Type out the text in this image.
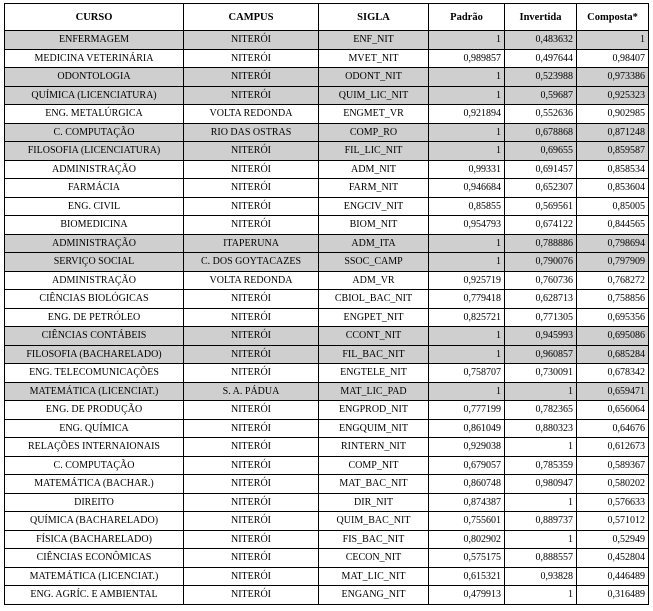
CURSO	CAMPUS	SIGLA	Padrão	Invertida	Composta*
ENFERMAGEM	NITERÓI	ENF_NIT	1	0,483632	1
MEDICINA VETERINÁRIA	NITERÓI	MVET_NIT	0,989857	0,497644	0,98407
ODONTOLOGIA	NITERÓI	ODONT_NIT	1	0,523988	0,973386
QUÍMICA (LICENCIATURA)	NITERÓI	QUIM_LIC_NIT	1	0,59687	0,925323
ENG. METALÚRGICA	VOLTA REDONDA	ENGMET_VR	0,921894	0,552636	0,902985
C. COMPUTAÇÃO	RIO DAS OSTRAS	COMP_RO	1	0,678868	0,871248
FILOSOFIA (LICENCIATURA)	NITERÓI	FIL_LIC_NIT	1	0,69655	0,859587
ADMINISTRAÇÃO	NITERÓI	ADM_NIT	0,99331	0,691457	0,858534
FARMÁCIA	NITERÓI	FARM_NIT	0,946684	0,652307	0,853604
ENG. CIVIL	NITERÓI	ENGCIV_NIT	0,85855	0,569561	0,85005
BIOMEDICINA	NITERÓI	BIOM_NIT	0,954793	0,674122	0,844565
ADMINISTRAÇÃO	ITAPERUNA	ADM_ITA	1	0,788886	0,798694
SERVIÇO SOCIAL	C. DOS GOYTACAZES	SSOC_CAMP	1	0,790076	0,797909
ADMINISTRAÇÃO	VOLTA REDONDA	ADM_VR	0,925719	0,760736	0,768272
CIÊNCIAS BIOLÓGICAS	NITERÓI	CBIOL_BAC_NIT	0,779418	0,628713	0,758856
ENG. DE PETRÓLEO	NITERÓI	ENGPET_NIT	0,825721	0,771305	0,695356
CIÊNCIAS CONTÁBEIS	NITERÓI	CCONT_NIT	1	0,945993	0,695086
FILOSOFIA (BACHARELADO)	NITERÓI	FIL_BAC_NIT	1	0,960857	0,685284
ENG. TELECOMUNICAÇÕES	NITERÓI	ENGTELE_NIT	0,758707	0,730091	0,678342
MATEMÁTICA (LICENCIAT.)	S. A. PÁDUA	MAT_LIC_PAD	1	1	0,659471
ENG. DE PRODUÇÃO	NITERÓI	ENGPROD_NIT	0,777199	0,782365	0,656064
ENG. QUÍMICA	NITERÓI	ENGQUIM_NIT	0,861049	0,880323	0,64676
RELAÇÕES INTERNAIONAIS	NITERÓI	RINTERN_NIT	0,929038	1	0,612673
C. COMPUTAÇÃO	NITERÓI	COMP_NIT	0,679057	0,785359	0,589367
MATEMÁTICA (BACHAR.)	NITERÓI	MAT_BAC_NIT	0,860748	0,980947	0,580202
DIREITO	NITERÓI	DIR_NIT	0,874387	1	0,576633
QUÍMICA (BACHARELADO)	NITERÓI	QUIM_BAC_NIT	0,755601	0,889737	0,571012
FÍSICA (BACHARELADO)	NITERÓI	FIS_BAC_NIT	0,802902	1	0,52949
CIÊNCIAS ECONÔMICAS	NITERÓI	CECON_NIT	0,575175	0,888557	0,452804
MATEMÁTICA (LICENCIAT.)	NITERÓI	MAT_LIC_NIT	0,615321	0,93828	0,446489
ENG. AGRÍC. E AMBIENTAL	NITERÓI	ENGANG_NIT	0,479913	1	0,316489
